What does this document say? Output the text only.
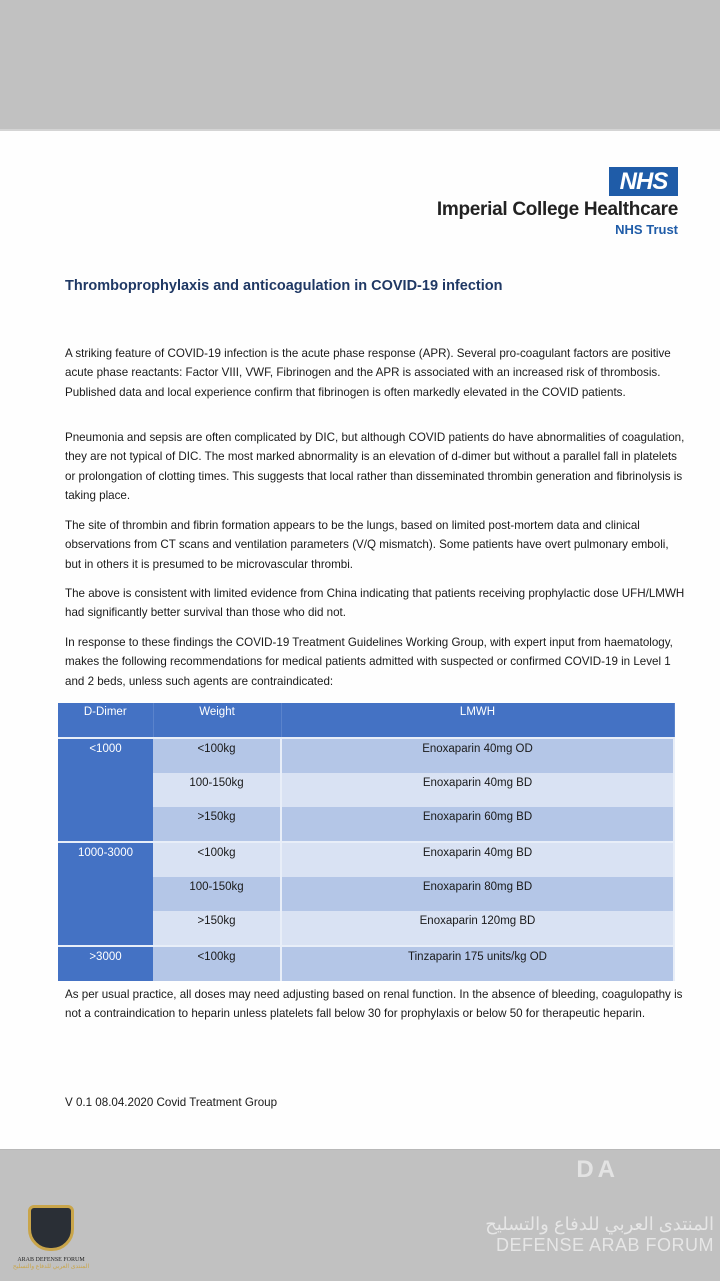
NHS
Imperial College Healthcare
NHS Trust
Thromboprophylaxis and anticoagulation in COVID-19 infection

A striking feature of COVID-19 infection is the acute phase response (APR). Several pro-coagulant factors are positive acute phase reactants: Factor VIII, VWF, Fibrinogen and the APR is associated with an increased risk of thrombosis. Published data and local experience confirm that fibrinogen is often markedly elevated in the COVID patients.

Pneumonia and sepsis are often complicated by DIC, but although COVID patients do have abnormalities of coagulation, they are not typical of DIC. The most marked abnormality is an elevation of d-dimer but without a parallel fall in platelets or prolongation of clotting times. This suggests that local rather than disseminated thrombin generation and fibrinolysis is taking place.

The site of thrombin and fibrin formation appears to be the lungs, based on limited post-mortem data and clinical observations from CT scans and ventilation parameters (V/Q mismatch). Some patients have overt pulmonary emboli, but in others it is presumed to be microvascular thrombi.

The above is consistent with limited evidence from China indicating that patients receiving prophylactic dose UFH/LMWH had significantly better survival than those who did not.

In response to these findings the COVID-19 Treatment Guidelines Working Group, with expert input from haematology, makes the following recommendations for medical patients admitted with suspected or confirmed COVID-19 in Level 1 and 2 beds, unless such agents are contraindicated:

D-Dimer	Weight	LMWH
<1000	<100kg	Enoxaparin 40mg OD
	100-150kg	Enoxaparin 40mg BD
	>150kg	Enoxaparin 60mg BD
1000-3000	<100kg	Enoxaparin 40mg BD
	100-150kg	Enoxaparin 80mg BD
	>150kg	Enoxaparin 120mg BD
>3000	<100kg	Tinzaparin 175 units/kg OD

As per usual practice, all doses may need adjusting based on renal function. In the absence of bleeding, coagulopathy is not a contraindication to heparin unless platelets fall below 30 for prophylaxis or below 50 for therapeutic heparin.

V 0.1 08.04.2020 Covid Treatment Group
ARAB DEFENSE FORUM
المنتدى العربي للدفاع والتسليح
DA
المنتدى العربي للدفاع والتسليح
DEFENSE ARAB FORUM
